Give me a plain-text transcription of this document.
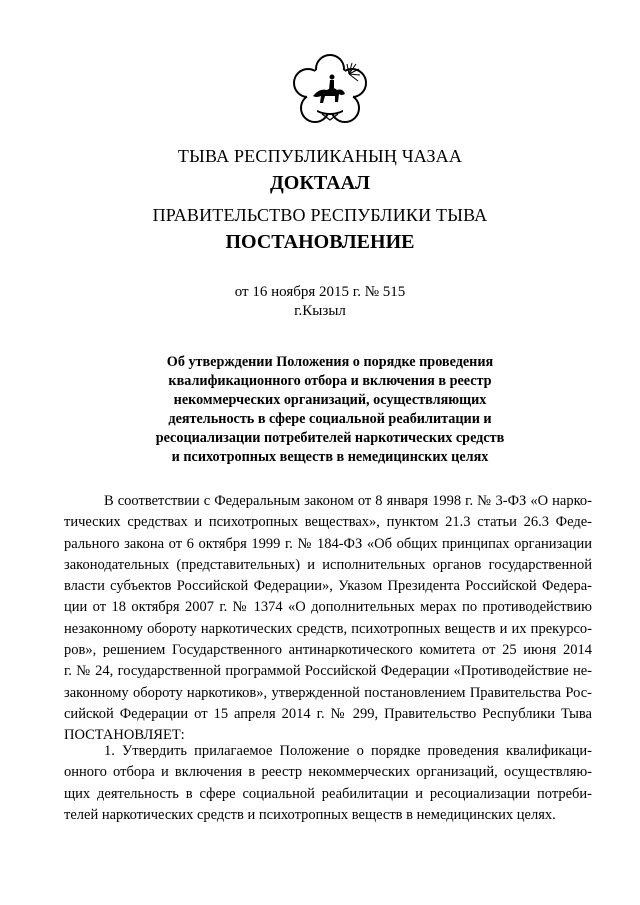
ТЫВА РЕСПУБЛИКАНЫҢ ЧАЗАА
ДОКТААЛ
ПРАВИТЕЛЬСТВО РЕСПУБЛИКИ ТЫВА
ПОСТАНОВЛЕНИЕ
от 16 ноября 2015 г. № 515
г.Кызыл
Об утверждении Положения о порядке проведения
квалификационного отбора и включения в реестр
некоммерческих организаций, осуществляющих
деятельность в сфере социальной реабилитации и
ресоциализации потребителей наркотических средств
и психотропных веществ в немедицинских целях
В соответствии с Федеральным законом от 8 января 1998 г. № 3-ФЗ «О нарко-
тических средствах и психотропных веществах», пунктом 21.3 статьи 26.3 Феде-
рального закона от 6 октября 1999 г. № 184-ФЗ «Об общих принципах организации
законодательных (представительных) и исполнительных органов государственной
власти субъектов Российской Федерации», Указом Президента Российской Федера-
ции от 18 октября 2007 г. № 1374 «О дополнительных мерах по противодействию
незаконному обороту наркотических средств, психотропных веществ и их прекурсо-
ров», решением Государственного антинаркотического комитета от 25 июня 2014
г. № 24, государственной программой Российской Федерации «Противодействие не-
законному обороту наркотиков», утвержденной постановлением Правительства Рос-
сийской Федерации от 15 апреля 2014 г. № 299, Правительство Республики Тыва
ПОСТАНОВЛЯЕТ:
1. Утвердить прилагаемое Положение о порядке проведения квалификаци-
онного отбора и включения в реестр некоммерческих организаций, осуществляю-
щих деятельность в сфере социальной реабилитации и ресоциализации потреби-
телей наркотических средств и психотропных веществ в немедицинских целях.
